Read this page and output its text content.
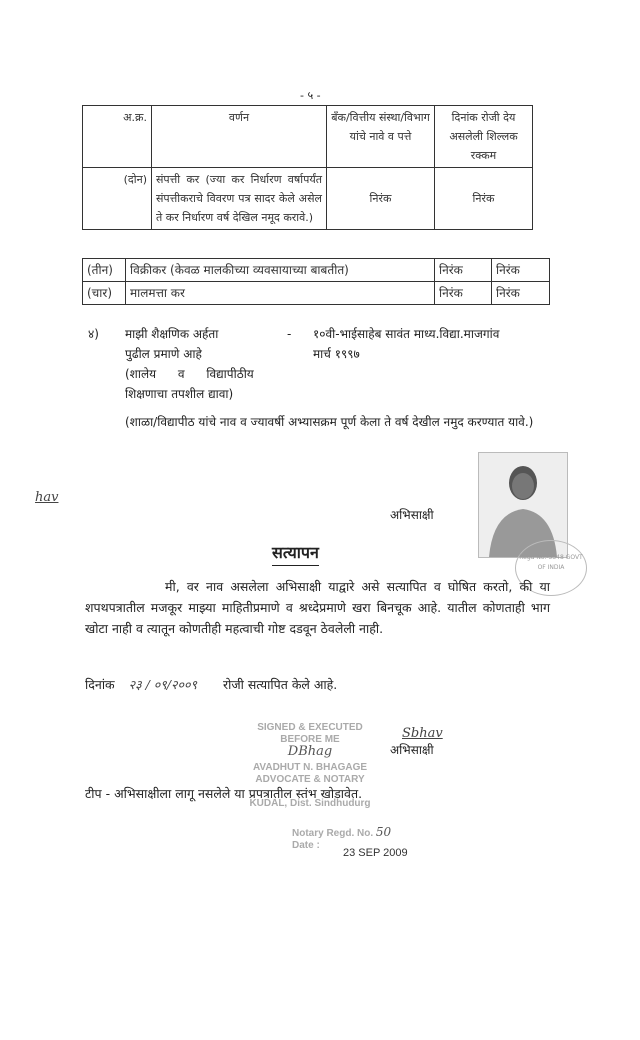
- ५ -
अ.क्र.	वर्णन	बँक/वित्तीय संस्था/विभाग यांचे नावे व पत्ते	दिनांक रोजी देय असलेली शिल्लक रक्कम
(दोन)	संपत्ती कर (ज्या कर निर्धारण वर्षापर्यंत संपत्तीकराचे विवरण पत्र सादर केले असेल ते कर निर्धारण वर्ष देखिल नमूद करावे.)	निरंक	निरंक
(तीन)	विक्रीकर (केवळ मालकीच्या व्यवसायाच्या बाबतीत)	निरंक	निरंक
(चार)	मालमत्ता कर	निरंक	निरंक
४) माझी शैक्षणिक अर्हता
पुढील प्रमाणे आहे
(शालेय व विद्यापीठीय
शिक्षणाचा तपशील द्यावा)
- १०वी-भाईसाहेब सावंत माध्य.विद्या.माजगांव
मार्च १९९७
(शाळा/विद्यापीठ यांचे नाव व ज्यावर्षी अभ्यासक्रम पूर्ण केला ते वर्ष देखील नमुद करण्यात यावे.)
hav
Regd No.-5348 GOVT OF INDIA
अभिसाक्षी
सत्यापन
मी, वर नाव असलेला अभिसाक्षी याद्वारे असे सत्यापित व घोषित करतो, की या शपथपत्रातील मजकूर माझ्या माहितीप्रमाणे व श्रध्देप्रमाणे खरा बिनचूक आहे. यातील कोणताही भाग खोटा नाही व त्यातून कोणतीही महत्वाची गोष्ट दडवून ठेवलेली नाही.
दिनांक २३ / ०९/२००९ रोजी सत्यापित केले आहे.
SIGNED & EXECUTED
BEFORE ME
DBhag
AVADHUT N. BHAGAGE
ADVOCATE & NOTARY
KUDAL, Dist. Sindhudurg
Notary Regd. No. 50
Date :
23 SEP 2009
Sbhav
अभिसाक्षी
टीप - अभिसाक्षीला लागू नसलेले या प्रपत्रातील स्तंभ खोडावेत.
